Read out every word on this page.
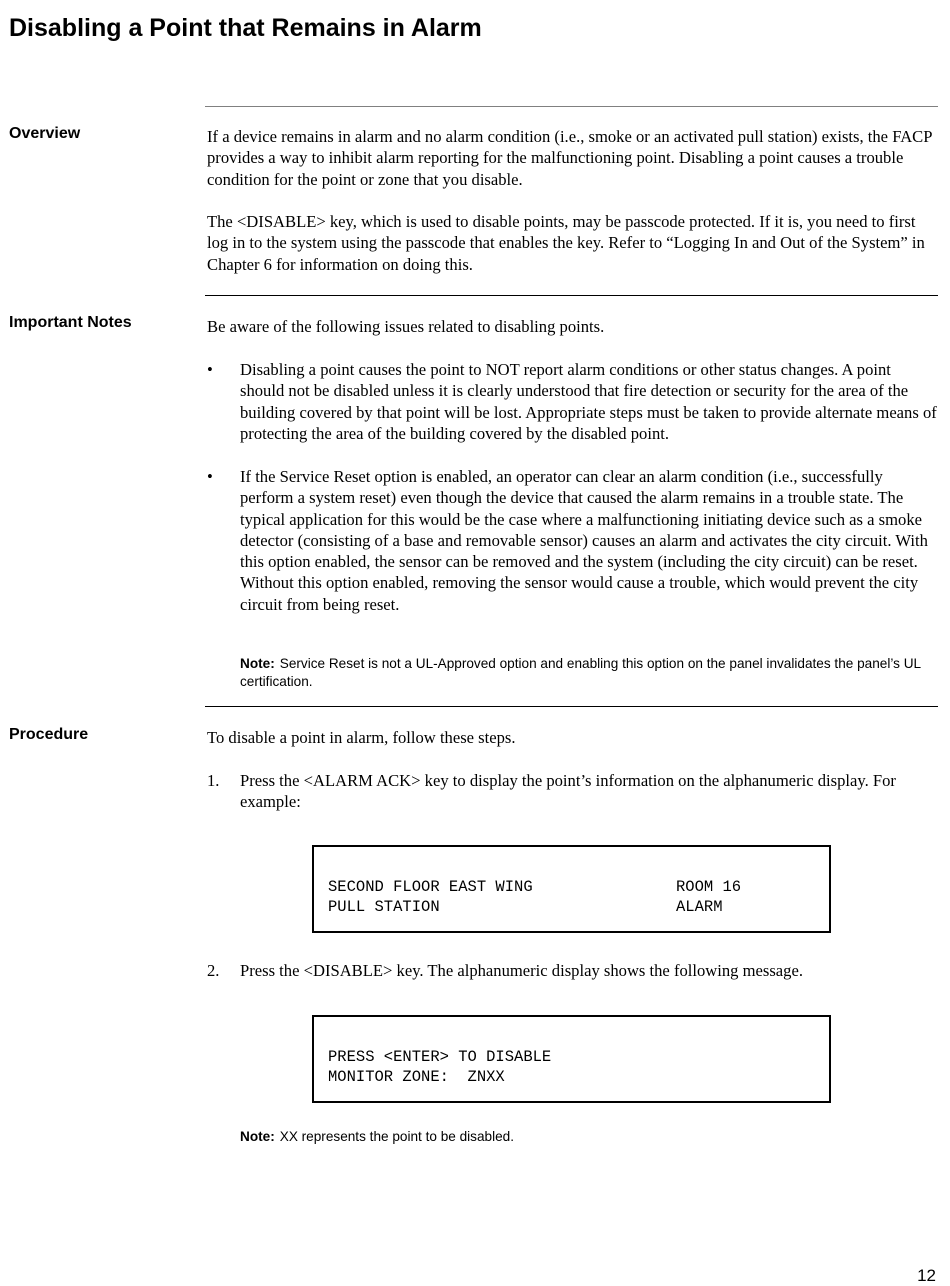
Disabling a Point that Remains in Alarm
Overview	If a device remains in alarm and no alarm condition (i.e., smoke or an activated pull station) exists, the FACP provides a way to inhibit alarm reporting for the malfunctioning point. Disabling a point causes a trouble condition for the point or zone that you disable.

The <DISABLE> key, which is used to disable points, may be passcode protected. If it is, you need to first log in to the system using the passcode that enables the key. Refer to “Logging In and Out of the System” in Chapter 6 for information on doing this.

Important Notes	Be aware of the following issues related to disabling points.

•	Disabling a point causes the point to NOT report alarm conditions or other status changes. A point should not be disabled unless it is clearly understood that fire detection or security for the area of the building covered by that point will be lost. Appropriate steps must be taken to provide alternate means of protecting the area of the building covered by the disabled point.
•	If the Service Reset option is enabled, an operator can clear an alarm condition (i.e., successfully perform a system reset) even though the device that caused the alarm remains in a trouble state. The typical application for this would be the case where a malfunctioning initiating device such as a smoke detector (consisting of a base and removable sensor) causes an alarm and activates the city circuit. With this option enabled, the sensor can be removed and the system (including the city circuit) can be reset. Without this option enabled, removing the sensor would cause a trouble, which would prevent the city circuit from being reset.
Note: Service Reset is not a UL-Approved option and enabling this option on the panel invalidates the panel’s UL certification.
Procedure	To disable a point in alarm, follow these steps.

1.	Press the <ALARM ACK> key to display the point’s information on the alphanumeric display. For example:
SECOND FLOOR EAST WING	ROOM 16
PULL STATION	ALARM
2.	Press the <DISABLE> key. The alphanumeric display shows the following message.
PRESS <ENTER> TO DISABLE
MONITOR ZONE:  ZNXX
Note: XX represents the point to be disabled.
12
